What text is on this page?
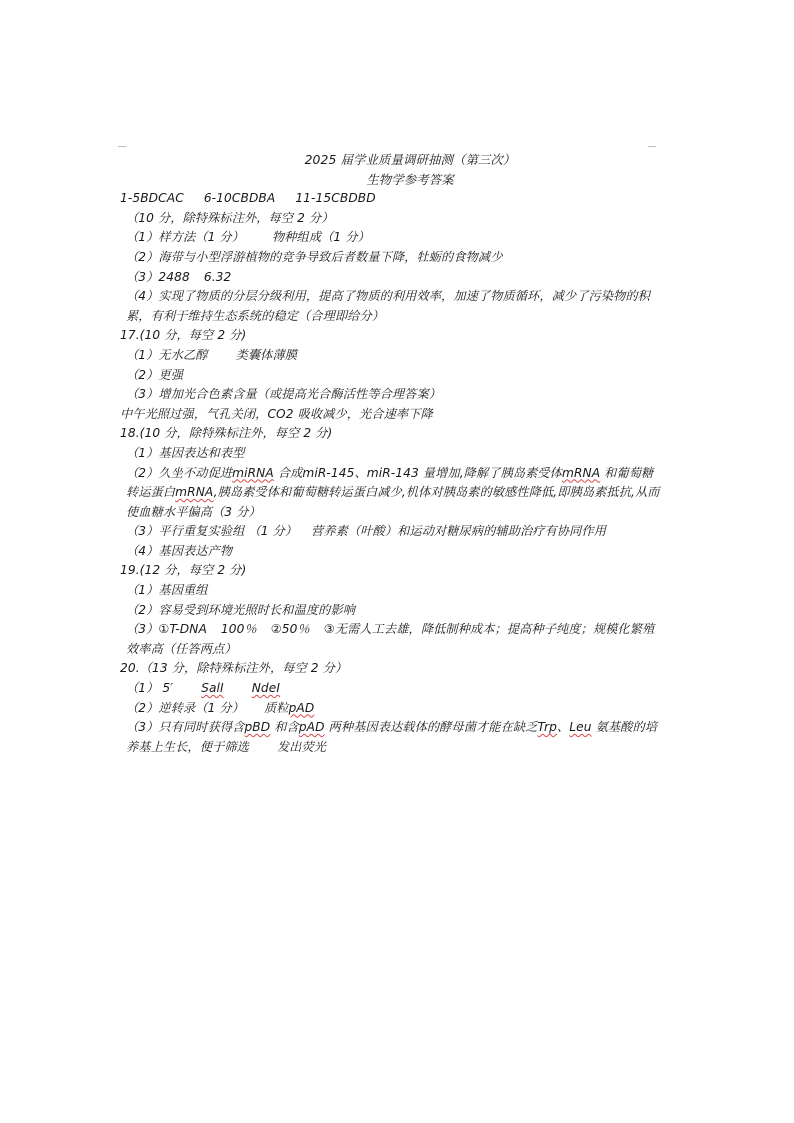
2025 届学业质量调研抽测（第三次）
生物学参考答案
1-5BDCAC 6-10CBDBA 11-15CBDBD
（10 分，除特殊标注外，每空 2 分）
（1）样方法（1 分） 物种组成（1 分）
（2）海带与小型浮游植物的竞争导致后者数量下降，牡蛎的食物减少
（3）2488 6.32
（4）实现了物质的分层分级利用，提高了物质的利用效率，加速了物质循环，减少了污染物的积累，有利于维持生态系统的稳定（合理即给分）
17.(10 分，每空 2 分)
（1）无水乙醇 类囊体薄膜
（2）更强
（3）增加光合色素含量（或提高光合酶活性等合理答案）
中午光照过强，气孔关闭，CO2 吸收减少，光合速率下降
18.(10 分，除特殊标注外，每空 2 分)
（1）基因表达和表型
（2）久坐不动促进miRNA 合成miR-145、miR-143 量增加,降解了胰岛素受体mRNA 和葡萄糖转运蛋白mRNA,胰岛素受体和葡萄糖转运蛋白减少,机体对胰岛素的敏感性降低,即胰岛素抵抗,从而使血糖水平偏高（3 分）
（3）平行重复实验组 （1 分） 营养素（叶酸）和运动对糖尿病的辅助治疗有协同作用
（4）基因表达产物
19.(12 分，每空 2 分)
（1）基因重组
（2）容易受到环境光照时长和温度的影响
（3）①T-DNA 100％ ②50％ ③无需人工去雄，降低制种成本；提高种子纯度；规模化繁殖效率高（任答两点）
20.（13 分，除特殊标注外，每空 2 分）
（1） 5′ SalI NdeI
（2）逆转录（1 分） 质粒pAD
（3）只有同时获得含pBD 和含pAD 两种基因表达载体的酵母菌才能在缺乏Trp、Leu 氨基酸的培养基上生长，便于筛选 发出荧光
